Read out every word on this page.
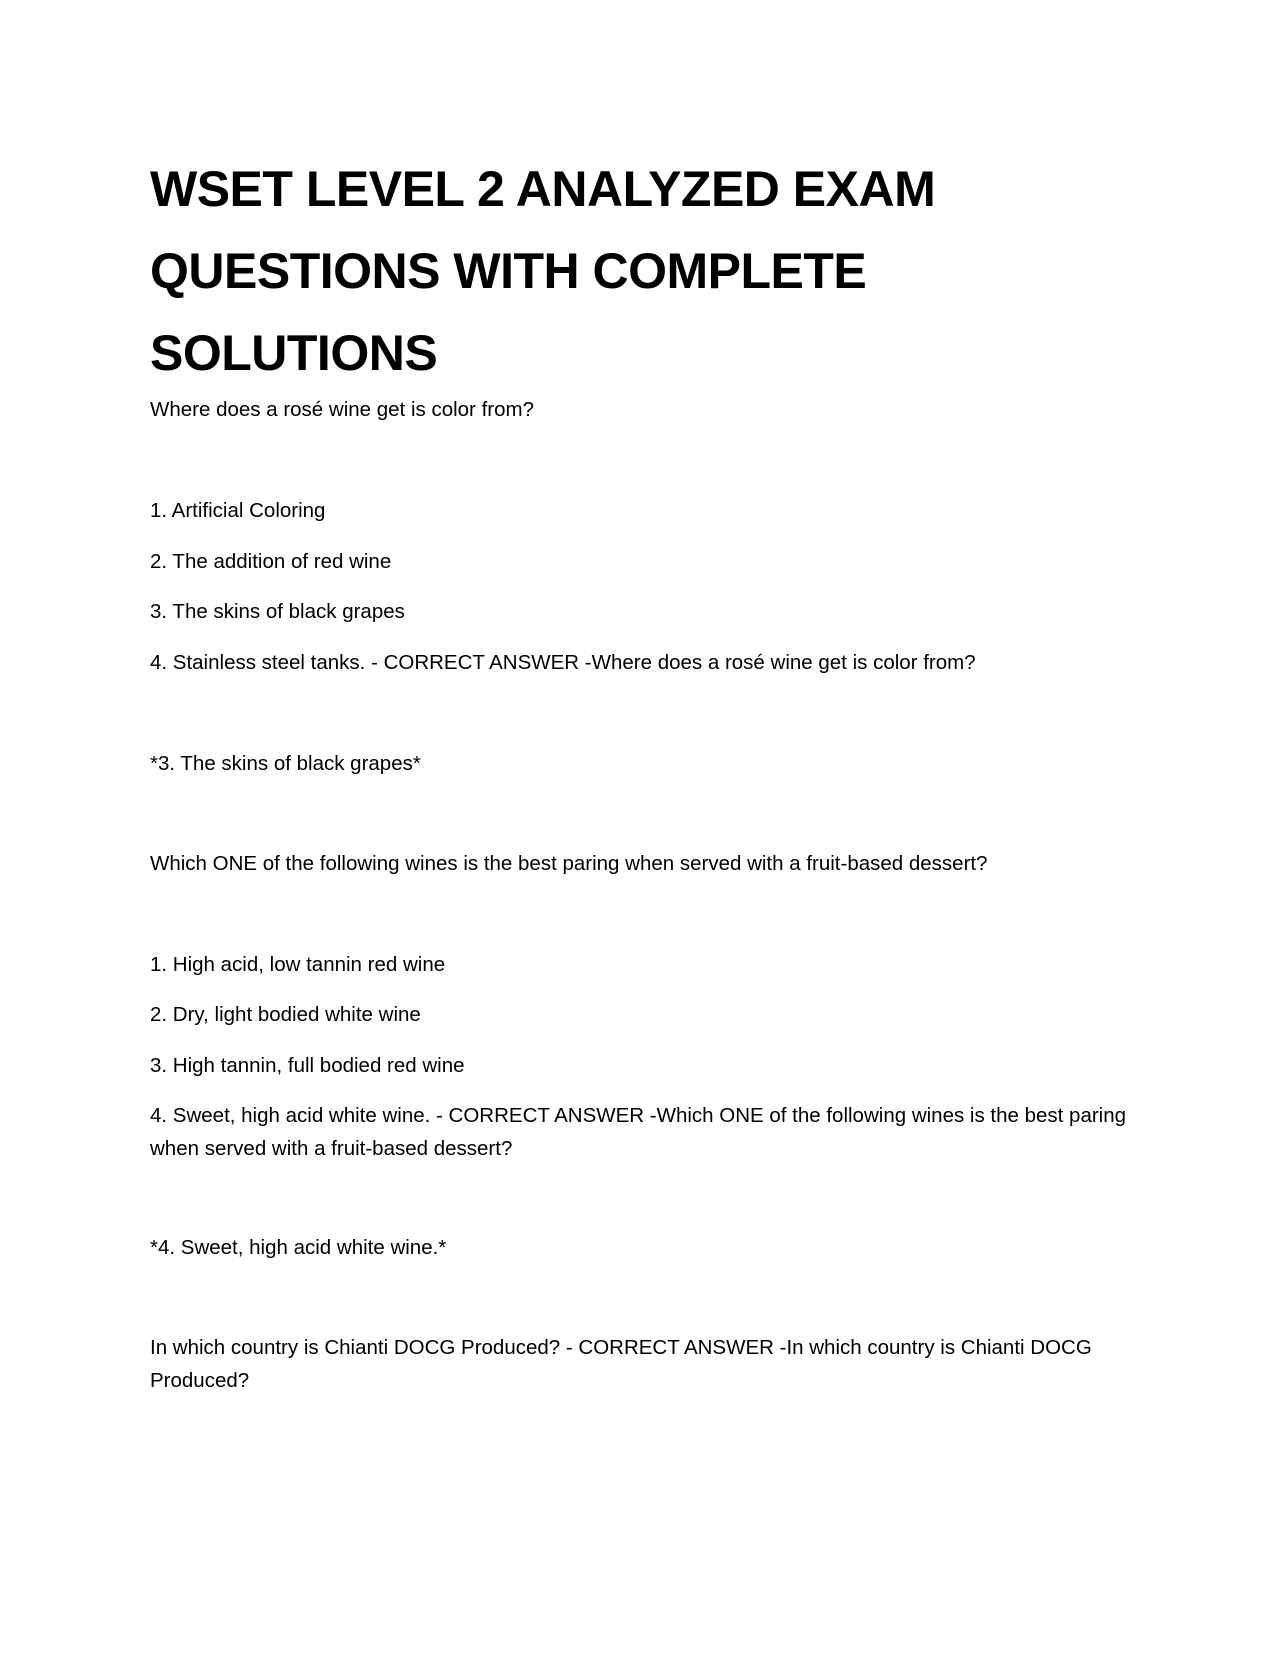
WSET LEVEL 2 ANALYZED EXAM QUESTIONS WITH COMPLETE SOLUTIONS

Where does a rosé wine get is color from?

1. Artificial Coloring

2. The addition of red wine

3. The skins of black grapes

4. Stainless steel tanks. - CORRECT ANSWER -Where does a rosé wine get is color from?

*3. The skins of black grapes*

Which ONE of the following wines is the best paring when served with a fruit-based dessert?

1. High acid, low tannin red wine

2. Dry, light bodied white wine

3. High tannin, full bodied red wine

4. Sweet, high acid white wine. - CORRECT ANSWER -Which ONE of the following wines is the best paring when served with a fruit-based dessert?

*4. Sweet, high acid white wine.*

In which country is Chianti DOCG Produced? - CORRECT ANSWER -In which country is Chianti DOCG Produced?
